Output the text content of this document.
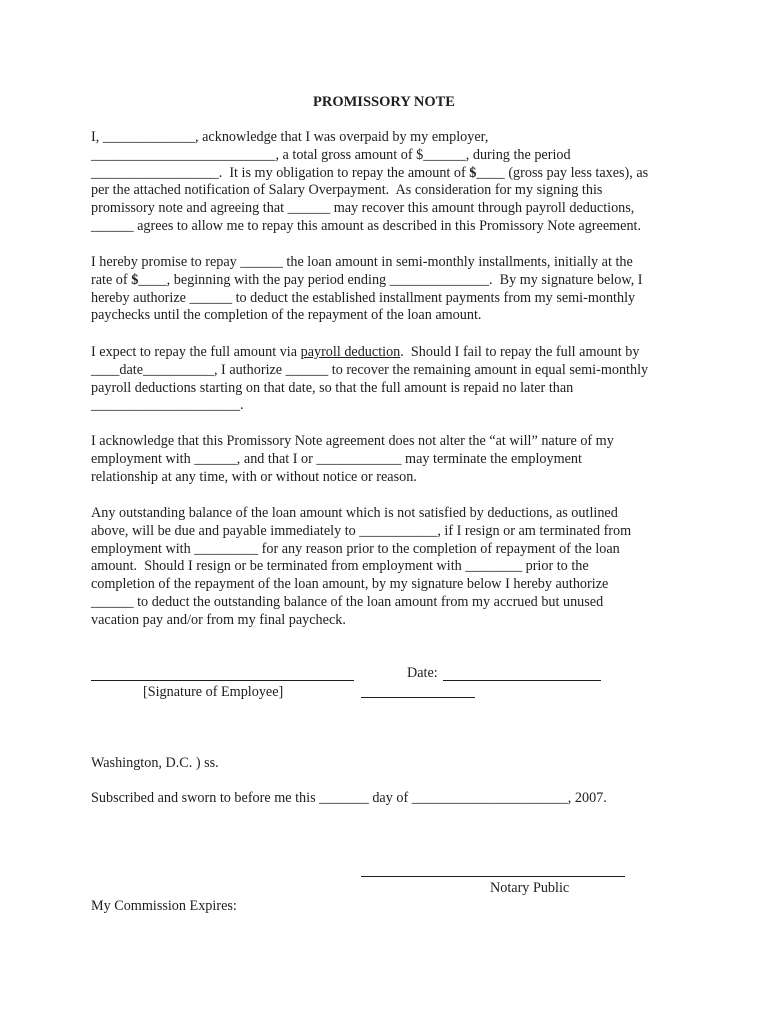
PROMISSORY NOTE
I, _____________, acknowledge that I was overpaid by my employer,
__________________________, a total gross amount of $______, during the period
__________________.  It is my obligation to repay the amount of $____ (gross pay less taxes), as
per the attached notification of Salary Overpayment.  As consideration for my signing this
promissory note and agreeing that ______ may recover this amount through payroll deductions,
______ agrees to allow me to repay this amount as described in this Promissory Note agreement.
I hereby promise to repay ______ the loan amount in semi-monthly installments, initially at the
rate of $____, beginning with the pay period ending ______________.  By my signature below, I
hereby authorize ______ to deduct the established installment payments from my semi-monthly
paychecks until the completion of the repayment of the loan amount.
I expect to repay the full amount via payroll deduction.  Should I fail to repay the full amount by
____date__________, I authorize ______ to recover the remaining amount in equal semi-monthly
payroll deductions starting on that date, so that the full amount is repaid no later than
_____________________.
I acknowledge that this Promissory Note agreement does not alter the “at will” nature of my
employment with ______, and that I or ____________ may terminate the employment
relationship at any time, with or without notice or reason.
Any outstanding balance of the loan amount which is not satisfied by deductions, as outlined
above, will be due and payable immediately to ___________, if I resign or am terminated from
employment with _________ for any reason prior to the completion of repayment of the loan
amount.  Should I resign or be terminated from employment with ________ prior to the
completion of the repayment of the loan amount, by my signature below I hereby authorize
______ to deduct the outstanding balance of the loan amount from my accrued but unused
vacation pay and/or from my final paycheck.
Date:
[Signature of Employee]
Washington, D.C. ) ss.
Subscribed and sworn to before me this _______ day of ______________________, 2007.
Notary Public
My Commission Expires:
